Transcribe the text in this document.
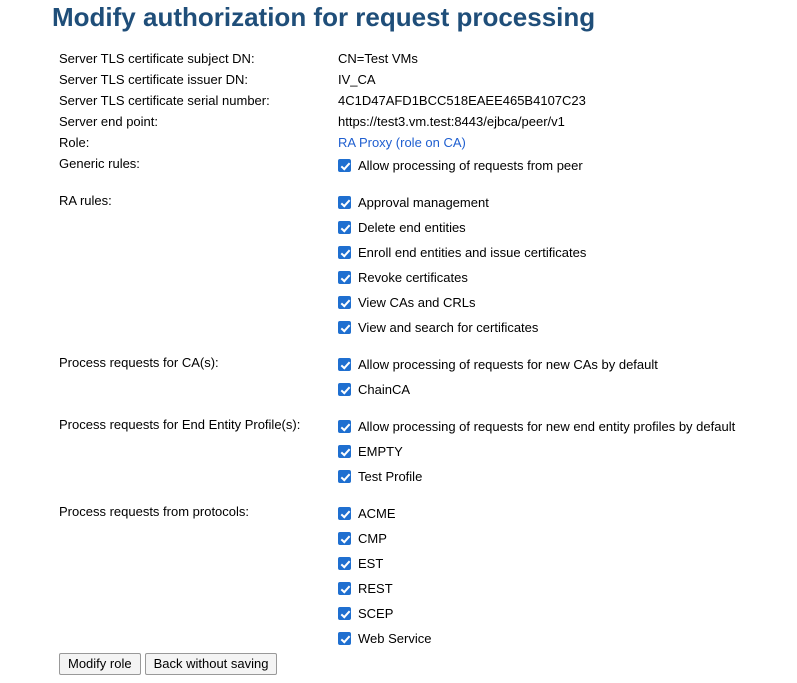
Modify authorization for request processing
Server TLS certificate subject DN:	CN=Test VMs
Server TLS certificate issuer DN:	IV_CA
Server TLS certificate serial number:	4C1D47AFD1BCC518EAEE465B4107C23
Server end point:	https://test3.vm.test:8443/ejbca/peer/v1
Role:	RA Proxy (role on CA)
Generic rules:	Allow processing of requests from peer
RA rules:	Approval management
Delete end entities
Enroll end entities and issue certificates
Revoke certificates
View CAs and CRLs
View and search for certificates
Process requests for CA(s):	Allow processing of requests for new CAs by default
ChainCA
Process requests for End Entity Profile(s):	Allow processing of requests for new end entity profiles by default
EMPTY
Test Profile
Process requests from protocols:	ACME
CMP
EST
REST
SCEP
Web Service
Modify role	Back without saving
